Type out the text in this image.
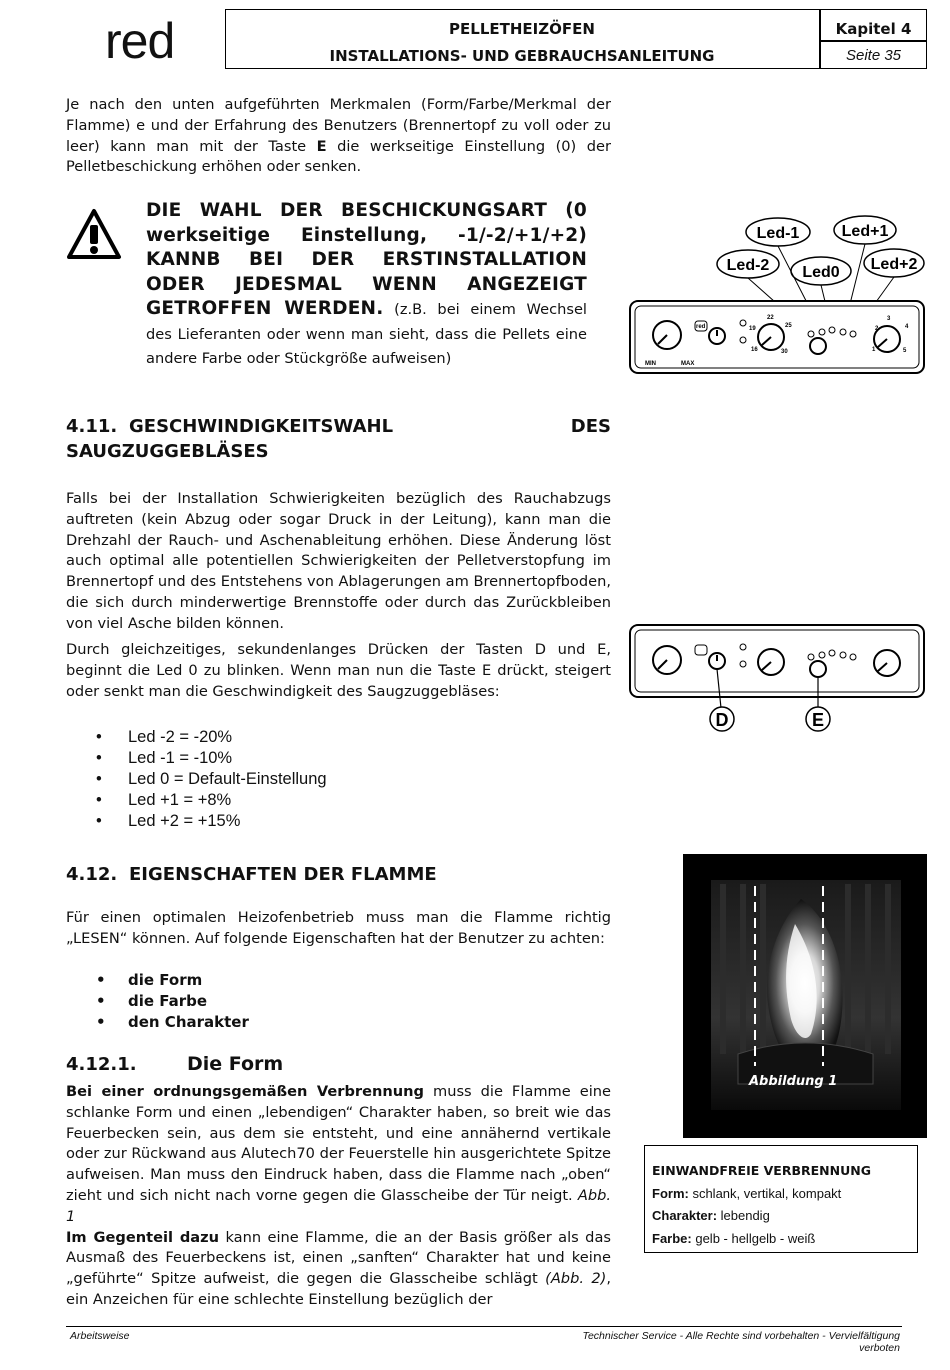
red	PELLETHEIZÖFEN
INSTALLATIONS- UND GEBRAUCHSANLEITUNG
Kapitel 4
Seite 35
Je nach den unten aufgeführten Merkmalen (Form/Farbe/Merkmal der Flamme) e und der Erfahrung des Benutzers (Brennertopf zu voll oder zu leer) kann man mit der Taste E die werkseitige Einstellung (0) der Pelletbeschickung erhöhen oder senken.
DIE WAHL DER BESCHICKUNGSART (0 werkseitige Einstellung, -1/-2/+1/+2) KANNB BEI DER ERSTINSTALLATION ODER JEDESMAL WENN ANGEZEIGT GETROFFEN WERDEN. (z.B. bei einem Wechsel des Lieferanten oder wenn man sieht, dass die Pellets eine andere Farbe oder Stückgröße aufweisen)
Led-1	Led+1
Led-2 Led0 Led+2
MIN	MAX
red	19
22
25
16	30
2
3
4
1	5
4.11. GESCHWINDIGKEITSWAHL	DES
SAUGZUGGEBLÄSES
Falls bei der Installation Schwierigkeiten bezüglich des Rauchabzugs auftreten (kein Abzug oder sogar Druck in der Leitung), kann man die Drehzahl der Rauch- und Aschenableitung erhöhen. Diese Änderung löst auch optimal alle potentiellen Schwierigkeiten der Pelletverstopfung im Brennertopf und des Entstehens von Ablagerungen am Brennertopfboden, die sich durch minderwertige Brennstoffe oder durch das Zurückbleiben von viel Asche bilden können.
Durch gleichzeitiges, sekundenlanges Drücken der Tasten D und E, beginnt die Led 0 zu blinken. Wenn man nun die Taste E drückt, steigert oder senkt man die Geschwindigkeit des Saugzuggebläses:
• Led -2 = -20%
• Led -1 = -10%
• Led 0 = Default-Einstellung
• Led +1 = +8%
• Led +2 = +15%
D	E
4.12. EIGENSCHAFTEN DER FLAMME
Für einen optimalen Heizofenbetrieb muss man die Flamme richtig „LESEN“ können. Auf folgende Eigenschaften hat der Benutzer zu achten:
• die Form
• die Farbe
• den Charakter
4.12.1.	Die Form
Bei einer ordnungsgemäßen Verbrennung muss die Flamme eine schlanke Form und einen „lebendigen“ Charakter haben, so breit wie das Feuerbecken sein, aus dem sie entsteht, und eine annähernd vertikale oder zur Rückwand aus Alutech70 der Feuerstelle hin ausgerichtete Spitze aufweisen. Man muss den Eindruck haben, dass die Flamme nach „oben“ zieht und sich nicht nach vorne gegen die Glasscheibe der Tür neigt. Abb. 1
Im Gegenteil dazu kann eine Flamme, die an der Basis größer als das Ausmaß des Feuerbeckens ist, einen „sanften“ Charakter hat und keine „geführte“ Spitze aufweist, die gegen die Glasscheibe schlägt (Abb. 2), ein Anzeichen für eine schlechte Einstellung bezüglich der
Abbildung 1
EINWANDFREIE VERBRENNUNG
Form: schlank, vertikal, kompakt
Charakter: lebendig
Farbe: gelb - hellgelb - weiß
Arbeitsweise	Technischer Service - Alle Rechte sind vorbehalten - Vervielfältigung verboten
